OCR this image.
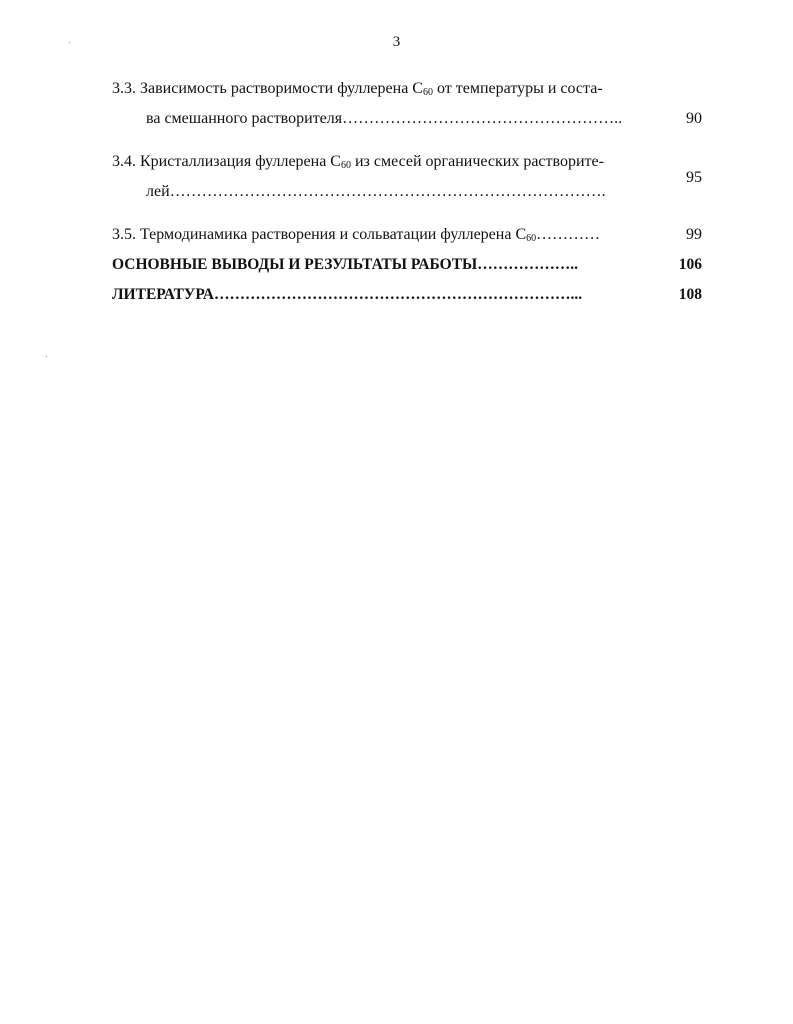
3
3.3. Зависимость растворимости фуллерена $C_{60}$ от температуры и соста-
ва смешанного растворителя……………………………………………..	90
3.4. Кристаллизация фуллерена $C_{60}$ из смесей органических растворите-
лей……………………………………………………………………….
95
3.5. Термодинамика растворения и сольватации фуллерена $C_{60}\dots\dots\dots\dots$	99
ОСНОВНЫЕ ВЫВОДЫ И РЕЗУЛЬТАТЫ РАБОТЫ………………..	106
ЛИТЕРАТУРА……………………………………………………………...	108
